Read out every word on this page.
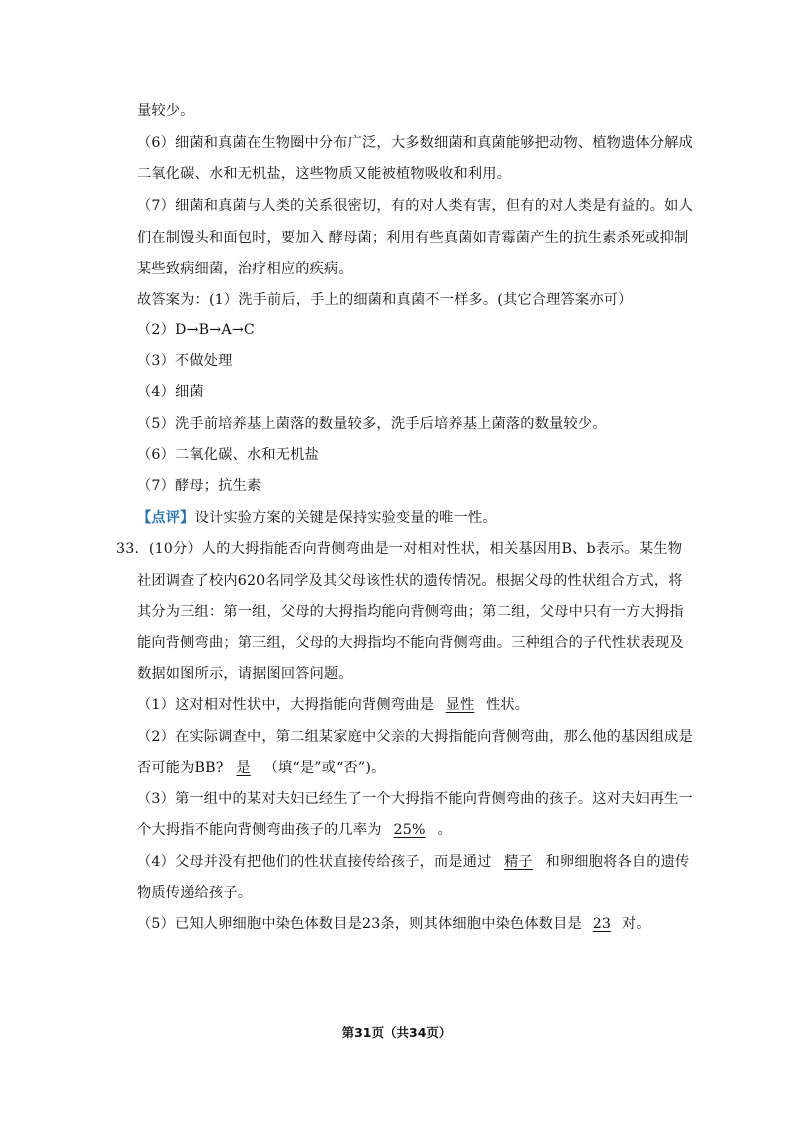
量较少。
（6）细菌和真菌在生物圈中分布广泛，大多数细菌和真菌能够把动物、植物遗体分解成
二氧化碳、水和无机盐，这些物质又能被植物吸收和利用。
（7）细菌和真菌与人类的关系很密切，有的对人类有害，但有的对人类是有益的。如人
们在制馒头和面包时，要加入 酵母菌；利用有些真菌如青霉菌产生的抗生素杀死或抑制
某些致病细菌，治疗相应的疾病。
故答案为：(1）洗手前后，手上的细菌和真菌不一样多。(其它合理答案亦可）
（2）D→B→A→C
（3）不做处理
（4）细菌
（5）洗手前培养基上菌落的数量较多，洗手后培养基上菌落的数量较少。
（6）二氧化碳、水和无机盐
（7）酵母；抗生素
【点评】设计实验方案的关键是保持实验变量的唯一性。
33．(10分）人的大拇指能否向背侧弯曲是一对相对性状，相关基因用B、b表示。某生物
社团调查了校内620名同学及其父母该性状的遗传情况。根据父母的性状组合方式，将
其分为三组：第一组，父母的大拇指均能向背侧弯曲；第二组，父母中只有一方大拇指
能向背侧弯曲；第三组，父母的大拇指均不能向背侧弯曲。三种组合的子代性状表现及
数据如图所示，请据图回答问题。
（1）这对相对性状中，大拇指能向背侧弯曲是 显性 性状。
（2）在实际调查中，第二组某家庭中父亲的大拇指能向背侧弯曲，那么他的基因组成是
否可能为BB? 是 （填“是”或“否”)。
（3）第一组中的某对夫妇已经生了一个大拇指不能向背侧弯曲的孩子。这对夫妇再生一
个大拇指不能向背侧弯曲孩子的几率为 25% 。
（4）父母并没有把他们的性状直接传给孩子，而是通过 精子 和卵细胞将各自的遗传
物质传递给孩子。
（5）已知人卵细胞中染色体数目是23条，则其体细胞中染色体数目是 23 对。
第31页（共34页）
